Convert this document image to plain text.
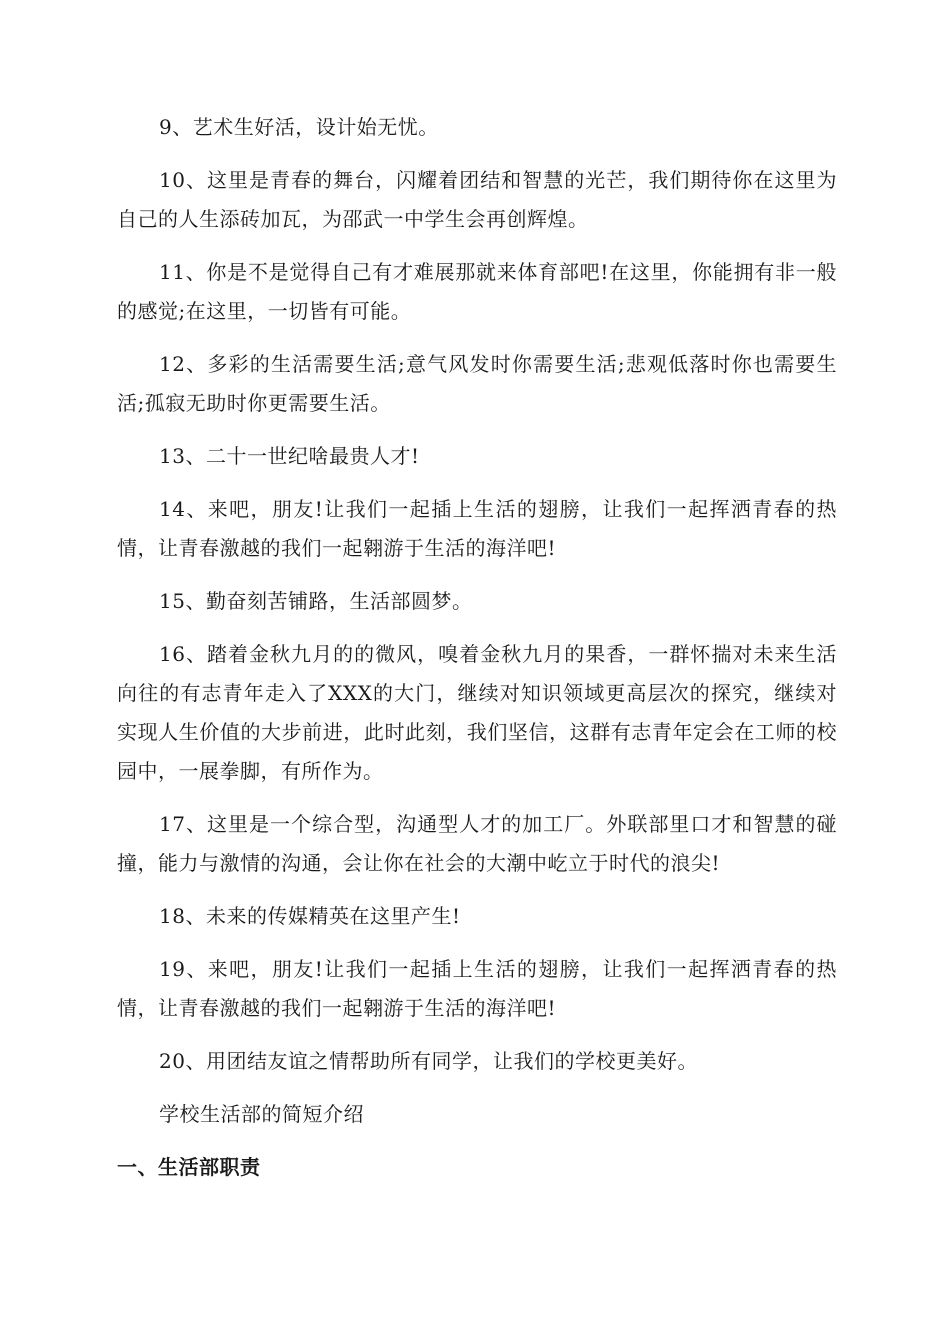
9、艺术生好活，设计始无忧。

10、这里是青春的舞台，闪耀着团结和智慧的光芒，我们期待你在这里为自己的人生添砖加瓦，为邵武一中学生会再创辉煌。

11、你是不是觉得自己有才难展那就来体育部吧!在这里，你能拥有非一般的感觉;在这里，一切皆有可能。

12、多彩的生活需要生活;意气风发时你需要生活;悲观低落时你也需要生活;孤寂无助时你更需要生活。

13、二十一世纪啥最贵人才!

14、来吧，朋友!让我们一起插上生活的翅膀，让我们一起挥洒青春的热情，让青春激越的我们一起翱游于生活的海洋吧!

15、勤奋刻苦铺路，生活部圆梦。

16、踏着金秋九月的的微风，嗅着金秋九月的果香，一群怀揣对未来生活向往的有志青年走入了XXX的大门，继续对知识领域更高层次的探究，继续对实现人生价值的大步前进，此时此刻，我们坚信，这群有志青年定会在工师的校园中，一展拳脚，有所作为。

17、这里是一个综合型，沟通型人才的加工厂。外联部里口才和智慧的碰撞，能力与激情的沟通，会让你在社会的大潮中屹立于时代的浪尖!

18、未来的传媒精英在这里产生!

19、来吧，朋友!让我们一起插上生活的翅膀，让我们一起挥洒青春的热情，让青春激越的我们一起翱游于生活的海洋吧!

20、用团结友谊之情帮助所有同学，让我们的学校更美好。

学校生活部的简短介绍

一、生活部职责
